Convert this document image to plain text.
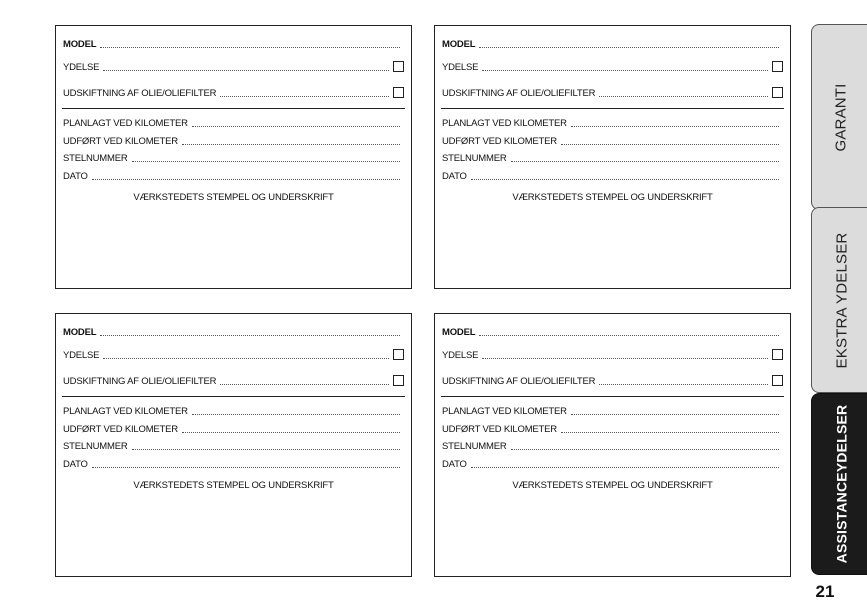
MODEL
YDELSE
UDSKIFTNING AF OLIE/OLIEFILTER
PLANLAGT VED KILOMETER
UDFØRT VED KILOMETER
STELNUMMER
DATO
VÆRKSTEDETS STEMPEL OG UNDERSKRIFT
MODEL
YDELSE
UDSKIFTNING AF OLIE/OLIEFILTER
PLANLAGT VED KILOMETER
UDFØRT VED KILOMETER
STELNUMMER
DATO
VÆRKSTEDETS STEMPEL OG UNDERSKRIFT
MODEL
YDELSE
UDSKIFTNING AF OLIE/OLIEFILTER
PLANLAGT VED KILOMETER
UDFØRT VED KILOMETER
STELNUMMER
DATO
VÆRKSTEDETS STEMPEL OG UNDERSKRIFT
MODEL
YDELSE
UDSKIFTNING AF OLIE/OLIEFILTER
PLANLAGT VED KILOMETER
UDFØRT VED KILOMETER
STELNUMMER
DATO
VÆRKSTEDETS STEMPEL OG UNDERSKRIFT
GARANTI
EKSTRA YDELSER
ASSISTANCEYDELSER
21
